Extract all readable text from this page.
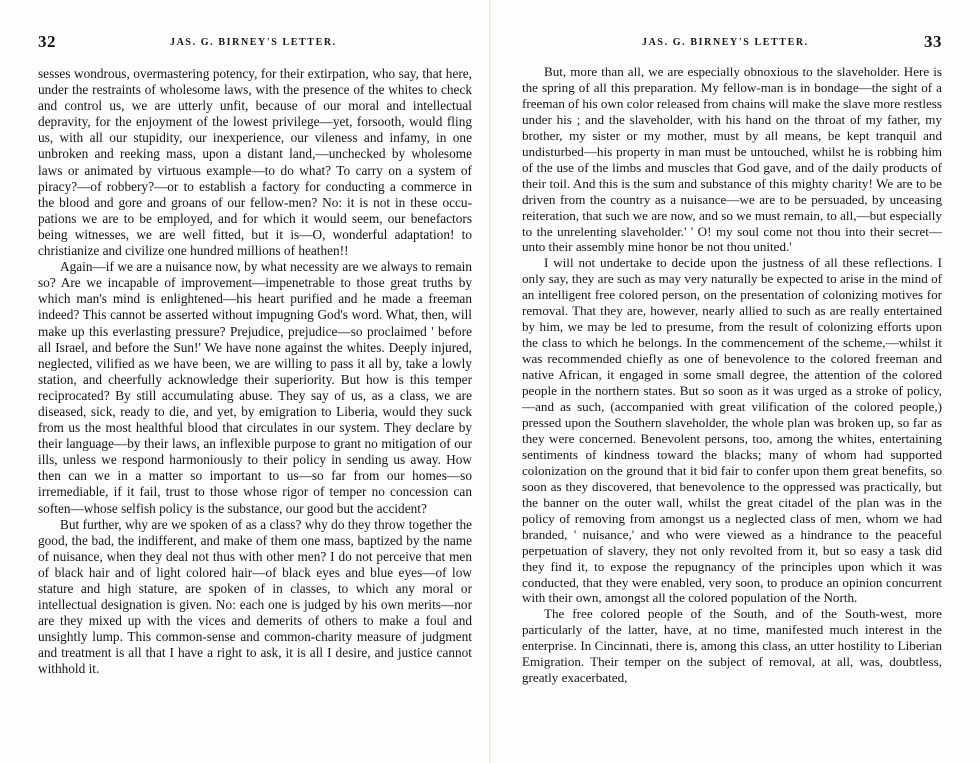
32	JAS. G. BIRNEY'S LETTER.

sesses wondrous, overmastering potency, for their extirpation, who say, that here, under the restraints of wholesome laws, with the presence of the whites to check and control us, we are utterly unfit, because of our moral and intellectual depravity, for the enjoyment of the lowest privilege—yet, forsooth, would fling us, with all our stupidity, our inexperience, our vileness and infamy, in one unbroken and reeking mass, upon a distant land,—unchecked by wholesome laws or animated by virtuous example—to do what? To carry on a system of piracy?—of robbery?—or to establish a factory for conducting a commerce in the blood and gore and groans of our fellow-men? No: it is not in these occupations we are to be employed, and for which it would seem, our benefactors being witnesses, we are well fitted, but it is—O, wonderful adaptation! to christianize and civilize one hundred millions of heathen!!

Again—if we are a nuisance now, by what necessity are we always to remain so? Are we incapable of improvement—impenetrable to those great truths by which man's mind is enlightened—his heart purified and he made a freeman indeed? This cannot be asserted without impugning God's word. What, then, will make up this everlasting pressure? Prejudice, prejudice—so proclaimed ' before all Israel, and before the Sun!' We have none against the whites. Deeply injured, neglected, vilified as we have been, we are willing to pass it all by, take a lowly station, and cheerfully acknowledge their superiority. But how is this temper reciprocated? By still accumulating abuse. They say of us, as a class, we are diseased, sick, ready to die, and yet, by emigration to Liberia, would they suck from us the most healthful blood that circulates in our system. They declare by their language—by their laws, an inflexible purpose to grant no mitigation of our ills, unless we respond harmoniously to their policy in sending us away. How then can we in a matter so important to us—so far from our homes—so irremediable, if it fail, trust to those whose rigor of temper no concession can soften—whose selfish policy is the substance, our good but the accident?

But further, why are we spoken of as a class? why do they throw together the good, the bad, the indifferent, and make of them one mass, baptized by the name of nuisance, when they deal not thus with other men? I do not perceive that men of black hair and of light colored hair—of black eyes and blue eyes—of low stature and high stature, are spoken of in classes, to which any moral or intellectual designation is given. No: each one is judged by his own merits—nor are they mixed up with the vices and demerits of others to make a foul and unsightly lump. This common-sense and common-charity measure of judgment and treatment is all that I have a right to ask, it is all I desire, and justice cannot withhold it.

JAS. G. BIRNEY'S LETTER.	33

But, more than all, we are especially obnoxious to the slaveholder. Here is the spring of all this preparation. My fellow-man is in bondage—the sight of a freeman of his own color released from chains will make the slave more restless under his ; and the slaveholder, with his hand on the throat of my father, my brother, my sister or my mother, must by all means, be kept tranquil and undisturbed—his property in man must be untouched, whilst he is robbing him of the use of the limbs and muscles that God gave, and of the daily products of their toil. And this is the sum and substance of this mighty charity! We are to be driven from the country as a nuisance—we are to be persuaded, by unceasing reiteration, that such we are now, and so we must remain, to all,—but especially to the unrelenting slaveholder.' ' O! my soul come not thou into their secret—unto their assembly mine honor be not thou united.'

I will not undertake to decide upon the justness of all these reflections. I only say, they are such as may very naturally be expected to arise in the mind of an intelligent free colored person, on the presentation of colonizing motives for removal. That they are, however, nearly allied to such as are really entertained by him, we may be led to presume, from the result of colonizing efforts upon the class to which he belongs. In the commencement of the scheme,—whilst it was recommended chiefly as one of benevolence to the colored freeman and native African, it engaged in some small degree, the attention of the colored people in the northern states. But so soon as it was urged as a stroke of policy,—and as such, (accompanied with great vilification of the colored people,) pressed upon the Southern slaveholder, the whole plan was broken up, so far as they were concerned. Benevolent persons, too, among the whites, entertaining sentiments of kindness toward the blacks; many of whom had supported colonization on the ground that it bid fair to confer upon them great benefits, so soon as they discovered, that benevolence to the oppressed was practically, but the banner on the outer wall, whilst the great citadel of the plan was in the policy of removing from amongst us a neglected class of men, whom we had branded, ' nuisance,' and who were viewed as a hindrance to the peaceful perpetuation of slavery, they not only revolted from it, but so easy a task did they find it, to expose the repugnancy of the principles upon which it was conducted, that they were enabled, very soon, to produce an opinion concurrent with their own, amongst all the colored population of the North.

The free colored people of the South, and of the South-west, more particularly of the latter, have, at no time, manifested much interest in the enterprise. In Cincinnati, there is, among this class, an utter hostility to Liberian Emigration. Their temper on the subject of removal, at all, was, doubtless, greatly exacerbated,
